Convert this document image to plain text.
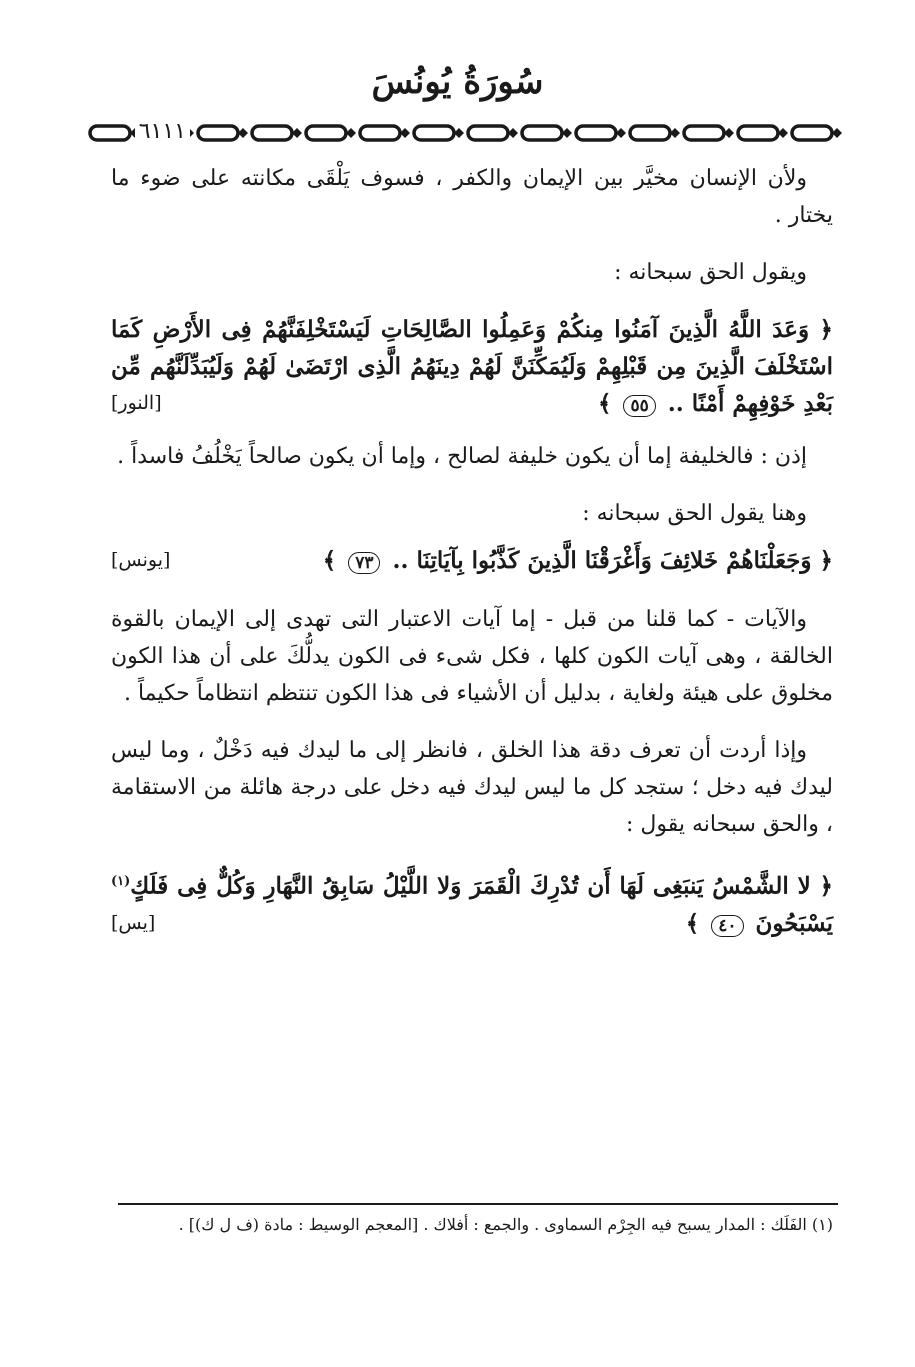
سُورَةُ يُونُسَ
٦١١١

ولأن الإنسان مخيَّر بين الإيمان والكفر ، فسوف يَلْقَى مكانته على ضوء ما يختار .

ويقول الحق سبحانه :

﴿ وَعَدَ اللَّهُ الَّذِينَ آمَنُوا مِنكُمْ وَعَمِلُوا الصَّالِحَاتِ لَيَسْتَخْلِفَنَّهُمْ فِى الأَرْضِ كَمَا اسْتَخْلَفَ الَّذِينَ مِن قَبْلِهِمْ وَلَيُمَكِّنَنَّ لَهُمْ دِينَهُمُ الَّذِى ارْتَضَىٰ لَهُمْ وَلَيُبَدِّلَنَّهُم مِّن بَعْدِ خَوْفِهِمْ أَمْنًا .. ٥٥ ﴾
[النور]

إذن : فالخليفة إما أن يكون خليفة لصالح ، وإما أن يكون صالحاً يَخْلُفُ فاسداً .

وهنا يقول الحق سبحانه :

﴿ وَجَعَلْنَاهُمْ خَلائِفَ وَأَغْرَقْنَا الَّذِينَ كَذَّبُوا بِآيَاتِنَا .. ٧٣ ﴾
[يونس]

والآيات - كما قلنا من قبل - إما آيات الاعتبار التى تهدى إلى الإيمان بالقوة الخالقة ، وهى آيات الكون كلها ، فكل شىء فى الكون يدلُّكَ على أن هذا الكون مخلوق على هيئة ولغاية ، بدليل أن الأشياء فى هذا الكون تنتظم انتظاماً حكيماً .

وإذا أردت أن تعرف دقة هذا الخلق ، فانظر إلى ما ليدك فيه دَخْلٌ ، وما ليس ليدك فيه دخل ؛ ستجد كل ما ليس ليدك فيه دخل على درجة هائلة من الاستقامة ، والحق سبحانه يقول :

﴿ لا الشَّمْسُ يَنبَغِى لَهَا أَن تُدْرِكَ الْقَمَرَ وَلا اللَّيْلُ سَابِقُ النَّهَارِ وَكُلٌّ فِى فَلَكٍ$^{(١)}$ يَسْبَحُونَ ٤٠ ﴾
[يس]
(١) الفَلَك : المدار يسبح فيه الجِرْم السماوى . والجمع : أفلاك . [المعجم الوسيط : مادة (ف ل ك)] .
